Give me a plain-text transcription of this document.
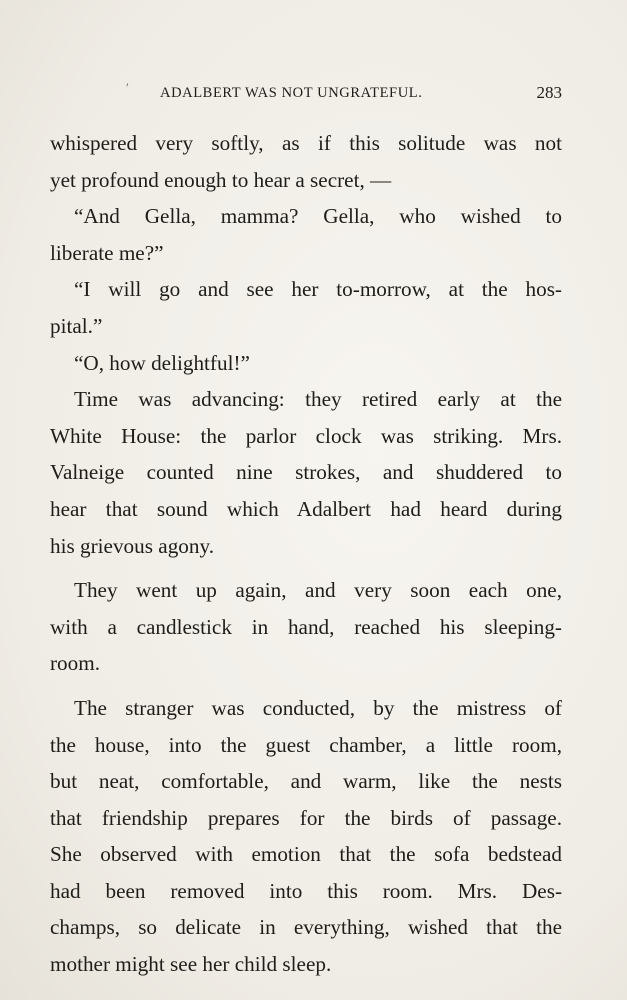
ʹ ADALBERT WAS NOT UNGRATEFUL.	283
whispered very softly, as if this solitude was not
yet profound enough to hear a secret, —
“And Gella, mamma? Gella, who wished to
liberate me?”
“I will go and see her to-morrow, at the hos-
pital.”
“O, how delightful!”
Time was advancing: they retired early at the
White House: the parlor clock was striking. Mrs.
Valneige counted nine strokes, and shuddered to
hear that sound which Adalbert had heard during
his grievous agony.
They went up again, and very soon each one,
with a candlestick in hand, reached his sleeping-
room.
The stranger was conducted, by the mistress of
the house, into the guest chamber, a little room,
but neat, comfortable, and warm, like the nests
that friendship prepares for the birds of passage.
She observed with emotion that the sofa bedstead
had been removed into this room. Mrs. Des-
champs, so delicate in everything, wished that the
mother might see her child sleep.
